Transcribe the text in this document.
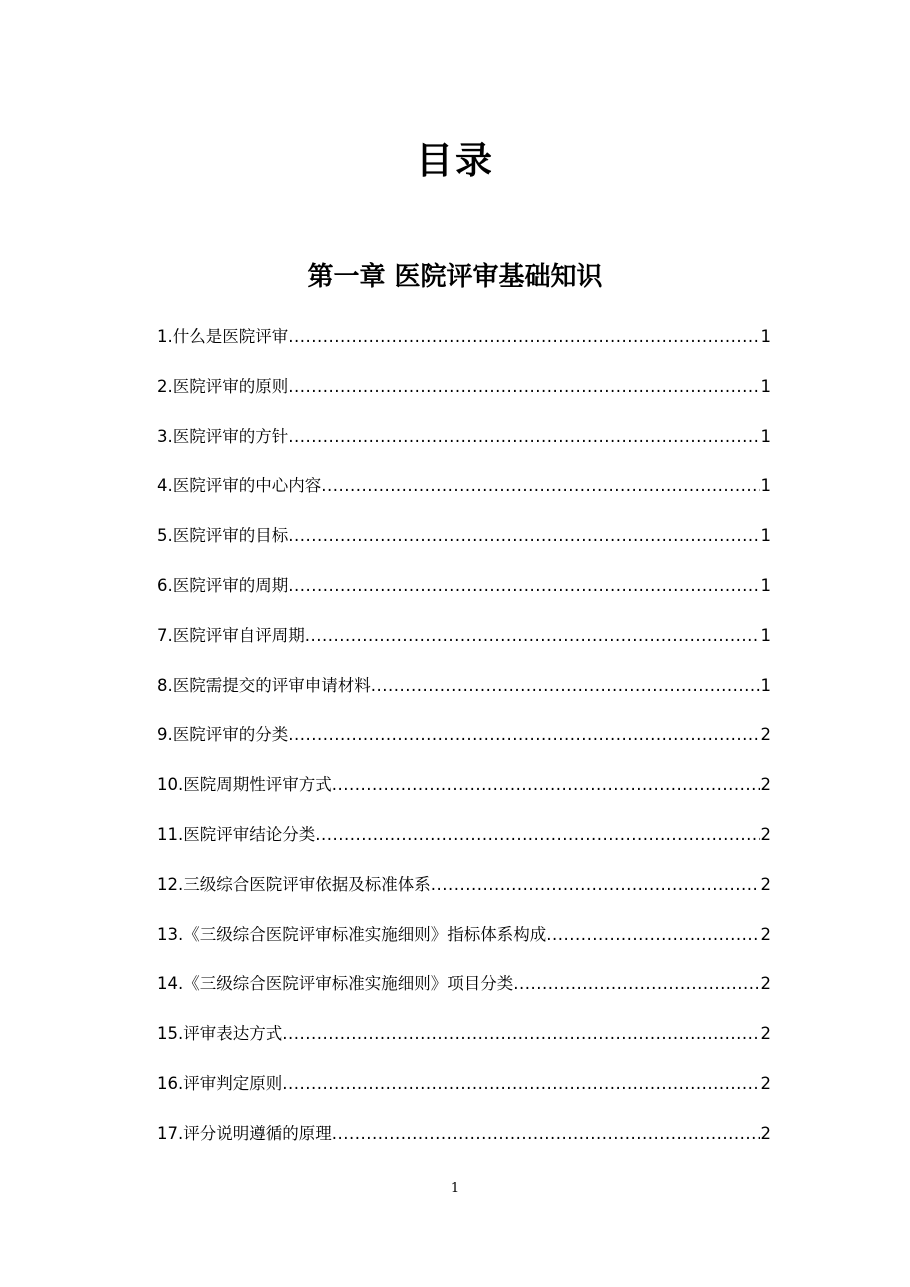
目录
第一章 医院评审基础知识
1.什么是医院评审 .....	1
2.医院评审的原则 .....	1
3.医院评审的方针 .....	1
4.医院评审的中心内容 .....	1
5.医院评审的目标 .....	1
6.医院评审的周期 .....	1
7.医院评审自评周期 .....	1
8.医院需提交的评审申请材料 .....	1
9.医院评审的分类 .....	2
10.医院周期性评审方式 .....	2
11.医院评审结论分类 .....	2
12.三级综合医院评审依据及标准体系 .....	2
13.《三级综合医院评审标准实施细则》指标体系构成 .....	2
14.《三级综合医院评审标准实施细则》项目分类 .....	2
15.评审表达方式 .....	2
16.评审判定原则 .....	2
17.评分说明遵循的原理 .....	2
1
